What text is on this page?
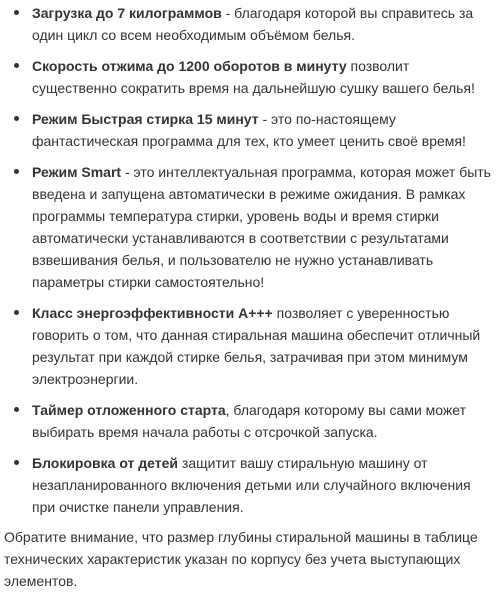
Загрузка до 7 килограммов - благодаря которой вы справитесь за один цикл со всем необходимым объёмом белья.
Скорость отжима до 1200 оборотов в минуту позволит существенно сократить время на дальнейшую сушку вашего белья!
Режим Быстрая стирка 15 минут - это по-настоящему фантастическая программа для тех, кто умеет ценить своё время!
Режим Smart - это интеллектуальная программа, которая может быть введена и запущена автоматически в режиме ожидания. В рамках программы температура стирки, уровень воды и время стирки автоматически устанавливаются в соответствии с результатами взвешивания белья, и пользователю не нужно устанавливать параметры стирки самостоятельно!
Класс энергоэффективности А+++ позволяет с уверенностью говорить о том, что данная стиральная машина обеспечит отличный результат при каждой стирке белья, затрачивая при этом минимум электроэнергии.
Таймер отложенного старта, благодаря которому вы сами может выбирать время начала работы с отсрочкой запуска.
Блокировка от детей защитит вашу стиральную машину от незапланированного включения детьми или случайного включения при очистке панели управления.

Обратите внимание, что размер глубины стиральной машины в таблице технических характеристик указан по корпусу без учета выступающих элементов.
